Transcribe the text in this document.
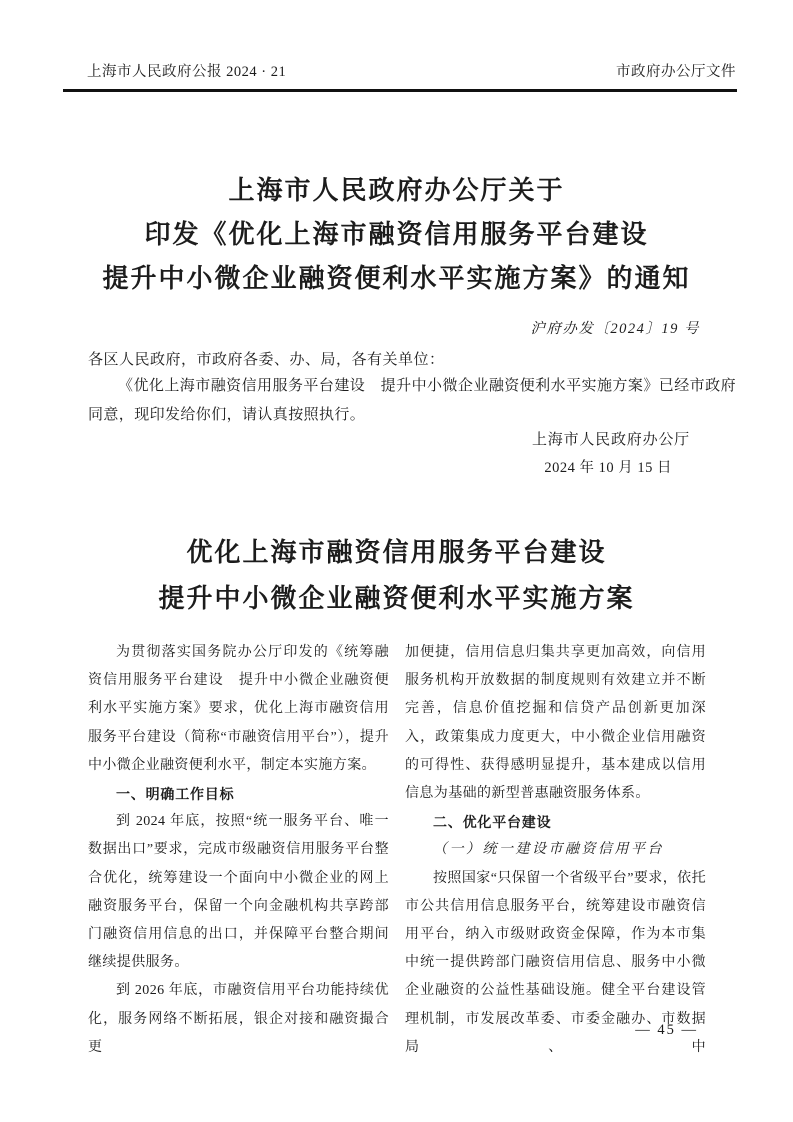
上海市人民政府公报 2024 · 21	市政府办公厅文件
上海市人民政府办公厅关于
印发《优化上海市融资信用服务平台建设
提升中小微企业融资便利水平实施方案》的通知
沪府办发〔2024〕19 号
各区人民政府，市政府各委、办、局，各有关单位：
《优化上海市融资信用服务平台建设　提升中小微企业融资便利水平实施方案》已经市政府同意，现印发给你们，请认真按照执行。
上海市人民政府办公厅
2024 年 10 月 15 日
优化上海市融资信用服务平台建设
提升中小微企业融资便利水平实施方案
为贯彻落实国务院办公厅印发的《统筹融资信用服务平台建设　提升中小微企业融资便利水平实施方案》要求，优化上海市融资信用服务平台建设（简称“市融资信用平台”），提升中小微企业融资便利水平，制定本实施方案。
一、明确工作目标
到 2024 年底，按照“统一服务平台、唯一数据出口”要求，完成市级融资信用服务平台整合优化，统筹建设一个面向中小微企业的网上融资服务平台，保留一个向金融机构共享跨部门融资信用信息的出口，并保障平台整合期间继续提供服务。
到 2026 年底，市融资信用平台功能持续优化，服务网络不断拓展，银企对接和融资撮合更
加便捷，信用信息归集共享更加高效，向信用服务机构开放数据的制度规则有效建立并不断完善，信息价值挖掘和信贷产品创新更加深入，政策集成力度更大，中小微企业信用融资的可得性、获得感明显提升，基本建成以信用信息为基础的新型普惠融资服务体系。
二、优化平台建设
（一）统一建设市融资信用平台
按照国家“只保留一个省级平台”要求，依托市公共信用信息服务平台，统筹建设市融资信用平台，纳入市级财政资金保障，作为本市集中统一提供跨部门融资信用信息、服务中小微企业融资的公益性基础设施。健全平台建设管理机制，市发展改革委、市委金融办、市数据局、中
— 45 —
